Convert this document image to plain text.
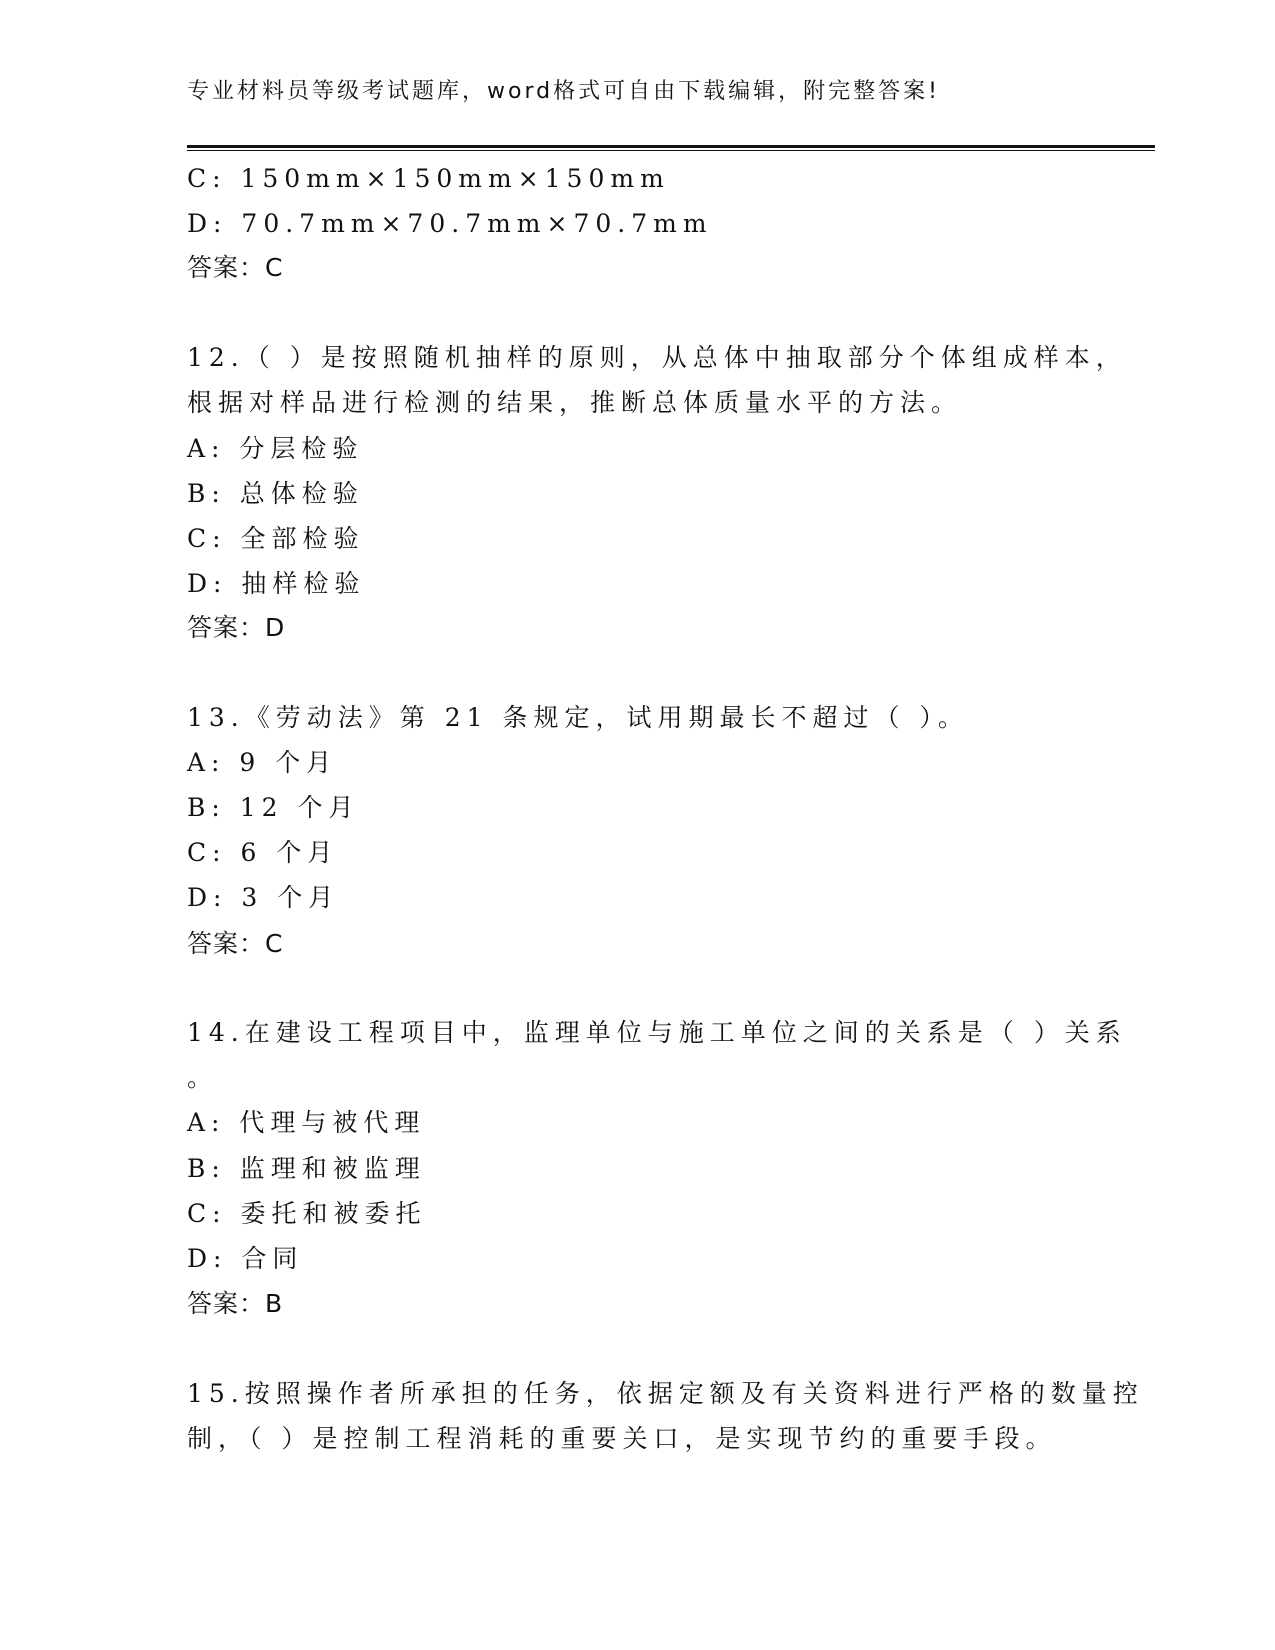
专业材料员等级考试题库，word格式可自由下载编辑，附完整答案!
C: 150mm×150mm×150mm
D: 70.7mm×70.7mm×70.7mm
答案：C
12.（ ）是按照随机抽样的原则，从总体中抽取部分个体组成样本，
根据对样品进行检测的结果，推断总体质量水平的方法。
A: 分层检验
B: 总体检验
C: 全部检验
D: 抽样检验
答案：D
13.《劳动法》第 21 条规定，试用期最长不超过（ ）。
A: 9 个月
B: 12 个月
C: 6 个月
D: 3 个月
答案：C
14.在建设工程项目中，监理单位与施工单位之间的关系是（ ）关系
。
A: 代理与被代理
B: 监理和被监理
C: 委托和被委托
D: 合同
答案：B
15.按照操作者所承担的任务，依据定额及有关资料进行严格的数量控
制，（ ）是控制工程消耗的重要关口，是实现节约的重要手段。
